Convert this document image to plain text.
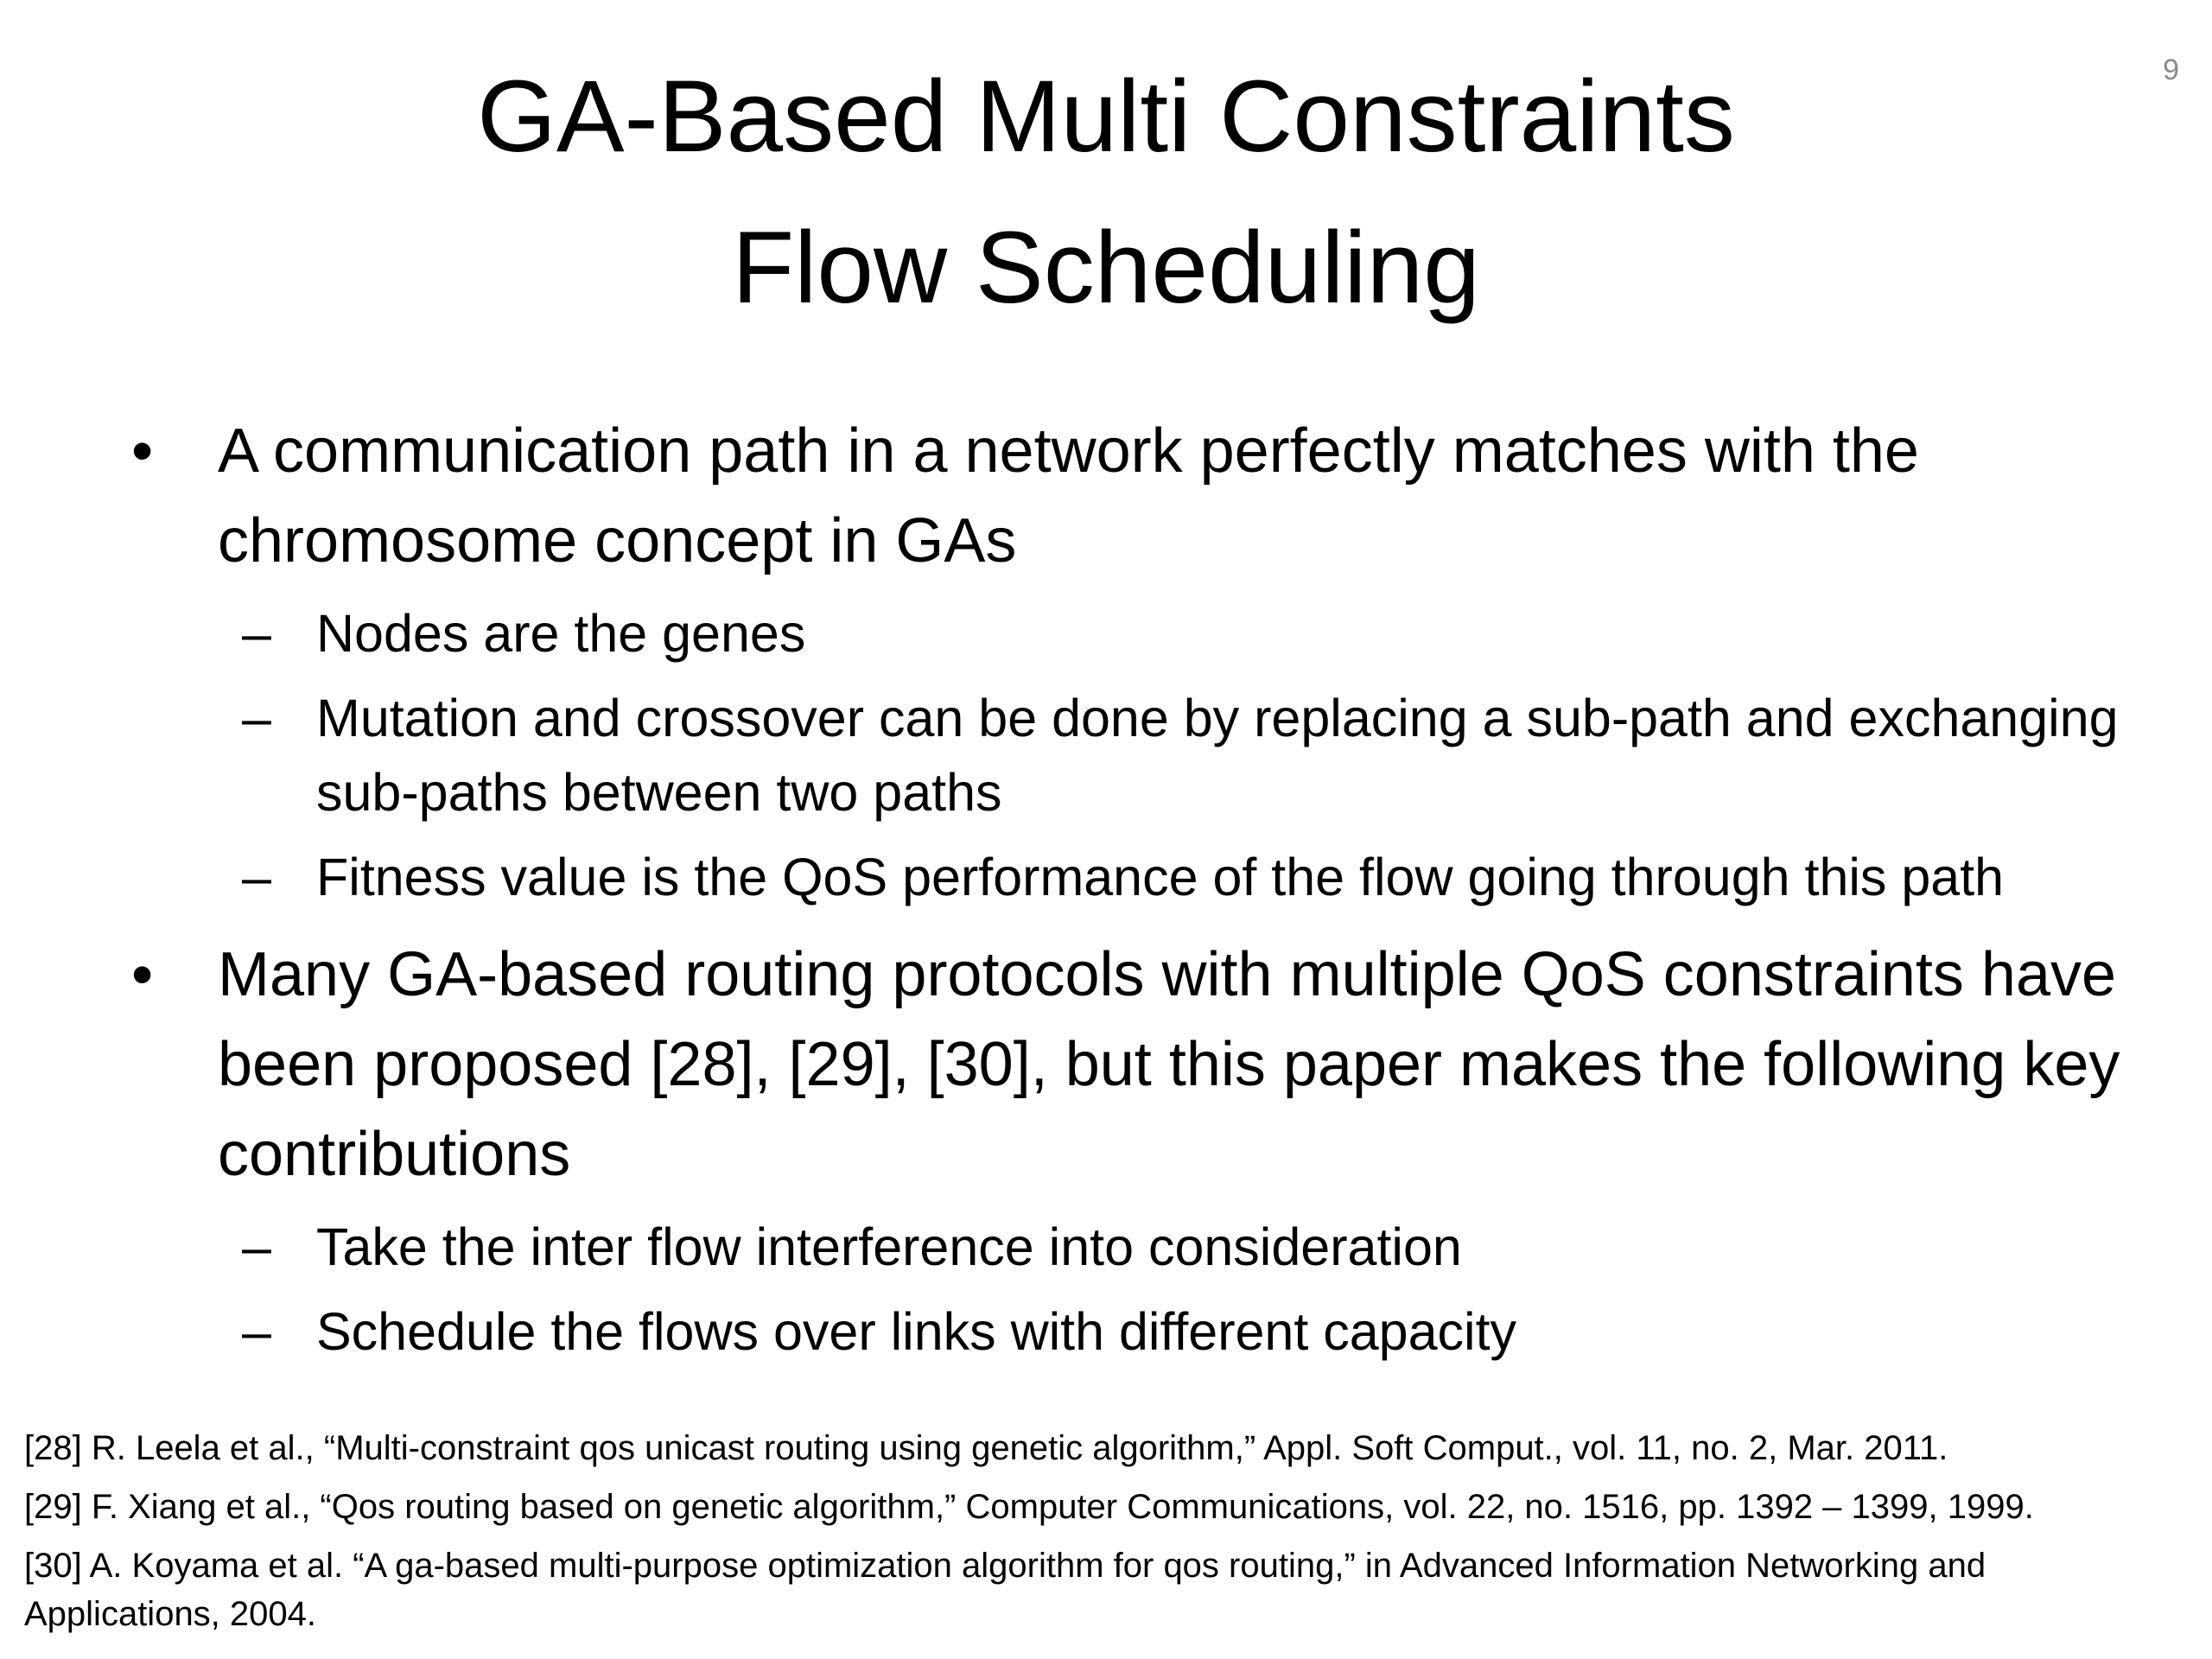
9
GA-Based Multi Constraints
Flow Scheduling

• A communication path in a network perfectly matches with the chromosome concept in GAs

– Nodes are the genes

– Mutation and crossover can be done by replacing a sub-path and exchanging sub-paths between two paths

– Fitness value is the QoS performance of the flow going through this path

• Many GA-based routing protocols with multiple QoS constraints have been proposed [28], [29], [30], but this paper makes the following key contributions

– Take the inter flow interference into consideration

– Schedule the flows over links with different capacity

[28] R. Leela et al., “Multi-constraint qos unicast routing using genetic algorithm,” Appl. Soft Comput., vol. 11, no. 2, Mar. 2011.

[29] F. Xiang et al., “Qos routing based on genetic algorithm,” Computer Communications, vol. 22, no. 1516, pp. 1392 – 1399, 1999.

[30] A. Koyama et al. “A ga-based multi-purpose optimization algorithm for qos routing,” in Advanced Information Networking and Applications, 2004.
